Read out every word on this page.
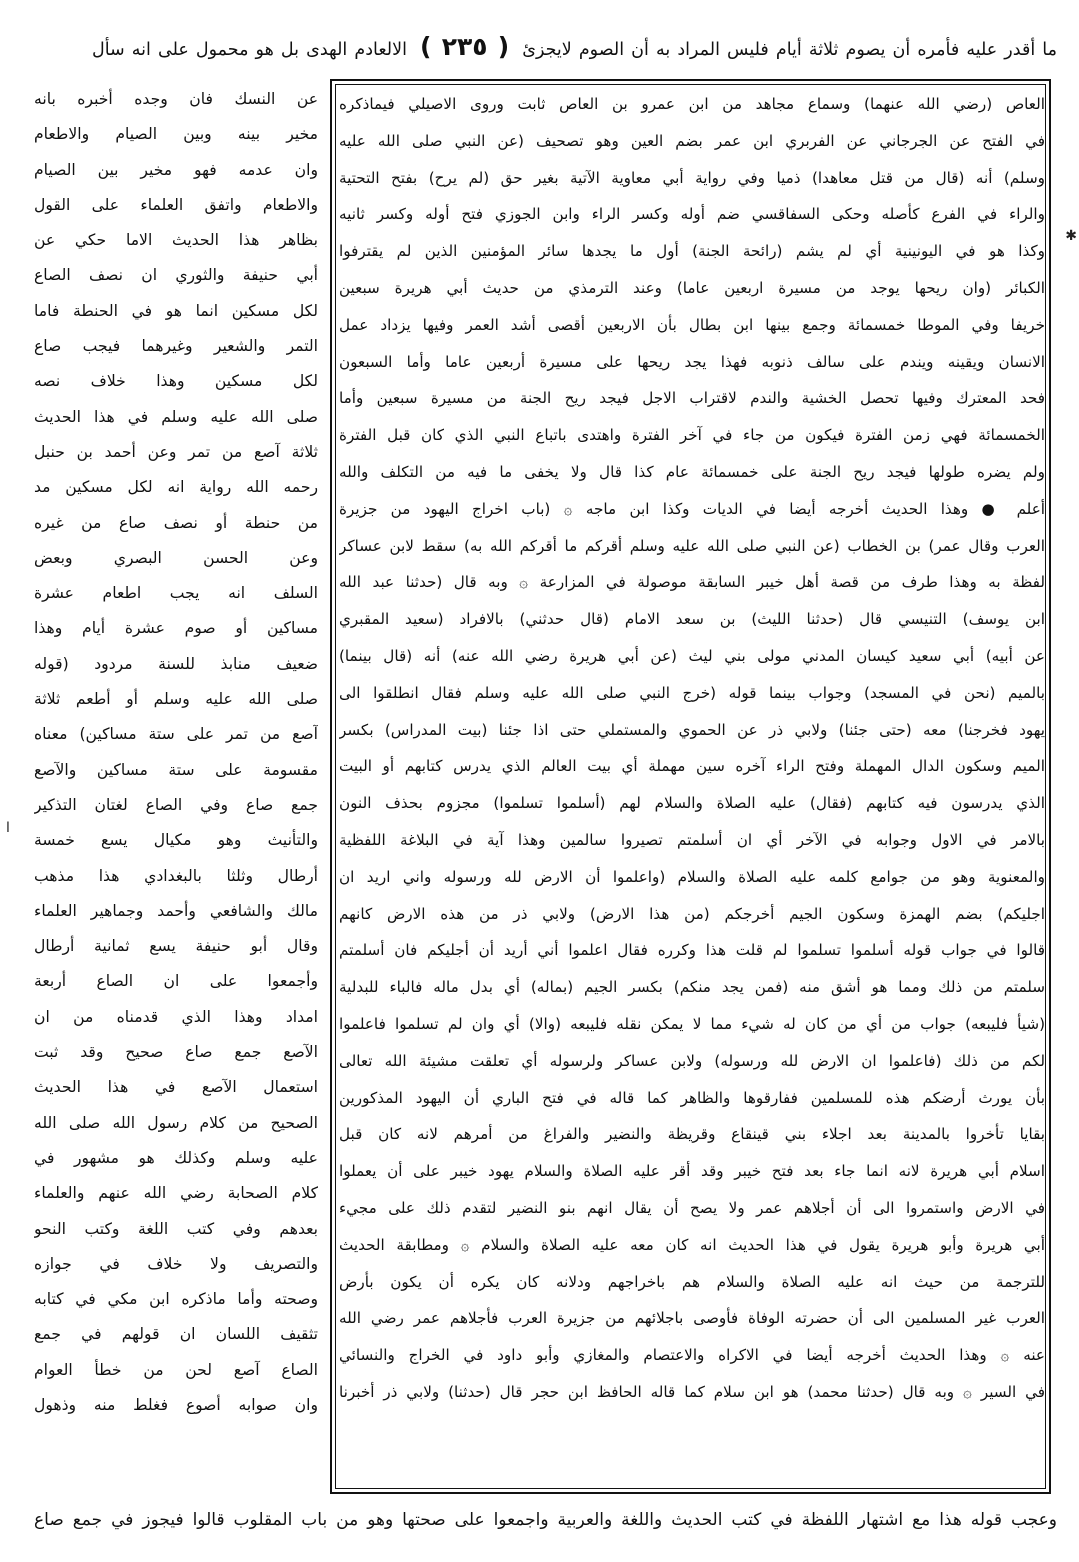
ما أقدر عليه فأمره أن يصوم ثلاثة أيام فليس المراد به أن الصوم لايجزئ ( ٢٣٥ ) الالعادم الهدى بل هو محمول على انه سأل
العاص (رضي الله عنهما) وسماع مجاهد من ابن عمرو بن العاص ثابت وروى الاصيلي فيماذكره
في الفتح عن الجرجاني عن الفربري ابن عمر بضم العين وهو تصحيف (عن النبي صلى الله عليه
وسلم) أنه (قال من قتل معاهدا) ذميا وفي رواية أبي معاوية الآتية بغير حق (لم يرح) بفتح التحتية
والراء في الفرع كأصله وحكى السفاقسي ضم أوله وكسر الراء وابن الجوزي فتح أوله وكسر ثانيه
وكذا هو في اليونينية أي لم يشم (رائحة الجنة) أول ما يجدها سائر المؤمنين الذين لم يقترفوا
الكبائر (وان ريحها يوجد من مسيرة اربعين عاما) وعند الترمذي من حديث أبي هريرة سبعين
خريفا وفي الموطا خمسمائة وجمع بينها ابن بطال بأن الاربعين أقصى أشد العمر وفيها يزداد عمل
الانسان ويقينه ويندم على سالف ذنوبه فهذا يجد ريحها على مسيرة أربعين عاما وأما السبعون
فحد المعترك وفيها تحصل الخشية والندم لاقتراب الاجل فيجد ريح الجنة من مسيرة سبعين وأما
الخمسمائة فهي زمن الفترة فيكون من جاء في آخر الفترة واهتدى باتباع النبي الذي كان قبل الفترة
ولم يضره طولها فيجد ريح الجنة على خمسمائة عام كذا قال ولا يخفى ما فيه من التكلف والله
أعلم ● وهذا الحديث أخرجه أيضا في الديات وكذا ابن ماجه ۞ (باب اخراج اليهود من جزيرة
العرب وقال عمر) بن الخطاب (عن النبي صلى الله عليه وسلم أقركم ما أقركم الله به) سقط لابن عساكر
لفظة به وهذا طرف من قصة أهل خيبر السابقة موصولة في المزارعة ۞ وبه قال (حدثنا عبد الله
ابن يوسف) التنيسي قال (حدثنا الليث) بن سعد الامام (قال حدثني) بالافراد (سعيد المقبري
عن أبيه) أبي سعيد كيسان المدني مولى بني ليث (عن أبي هريرة رضي الله عنه) أنه (قال بينما)
بالميم (نحن في المسجد) وجواب بينما قوله (خرج النبي صلى الله عليه وسلم فقال انطلقوا الى
يهود فخرجنا) معه (حتى جئنا) ولابي ذر عن الحموي والمستملي حتى اذا جئنا (بيت المدراس) بكسر
الميم وسكون الدال المهملة وفتح الراء آخره سين مهملة أي بيت العالم الذي يدرس كتابهم أو البيت
الذي يدرسون فيه كتابهم (فقال) عليه الصلاة والسلام لهم (أسلموا تسلموا) مجزوم بحذف النون
بالامر في الاول وجوابه في الآخر أي ان أسلمتم تصيروا سالمين وهذا آية في البلاغة اللفظية
والمعنوية وهو من جوامع كلمه عليه الصلاة والسلام (واعلموا أن الارض لله ورسوله واني اريد ان
اجليكم) بضم الهمزة وسكون الجيم أخرجكم (من هذا الارض) ولابي ذر من هذه الارض كانهم
قالوا في جواب قوله أسلموا تسلموا لم قلت هذا وكرره فقال اعلموا أني أريد أن أجليكم فان أسلمتم
سلمتم من ذلك ومما هو أشق منه (فمن يجد منكم) بكسر الجيم (بماله) أي بدل ماله فالباء للبدلية
(شيأ فليبعه) جواب من أي من كان له شيء مما لا يمكن نقله فليبعه (والا) أي وان لم تسلموا فاعلموا
لكم من ذلك (فاعلموا ان الارض لله ورسوله) ولابن عساكر ولرسوله أي تعلقت مشيئة الله تعالى
بأن يورث أرضكم هذه للمسلمين ففارقوها والظاهر كما قاله في فتح الباري أن اليهود المذكورين
بقايا تأخروا بالمدينة بعد اجلاء بني قينقاع وقريظة والنضير والفراغ من أمرهم لانه كان قبل
اسلام أبي هريرة لانه انما جاء بعد فتح خيبر وقد أقر عليه الصلاة والسلام يهود خيبر على أن يعملوا
في الارض واستمروا الى أن أجلاهم عمر ولا يصح أن يقال انهم بنو النضير لتقدم ذلك على مجيء
أبي هريرة وأبو هريرة يقول في هذا الحديث انه كان معه عليه الصلاة والسلام ۞ ومطابقة الحديث
للترجمة من حيث انه عليه الصلاة والسلام هم باخراجهم ودلانه كان يكره أن يكون بأرض
العرب غير المسلمين الى أن حضرته الوفاة فأوصى باجلائهم من جزيرة العرب فأجلاهم عمر رضي الله
عنه ۞ وهذا الحديث أخرجه أيضا في الاكراه والاعتصام والمغازي وأبو داود في الخراج والنسائي
في السير ۞ وبه قال (حدثنا محمد) هو ابن سلام كما قاله الحافظ ابن حجر قال (حدثنا) ولابي ذر أخبرنا
عن النسك فان وجده أخبره بانه
مخير بينه وبين الصيام والاطعام
وان عدمه فهو مخير بين الصيام
والاطعام واتفق العلماء على القول
بظاهر هذا الحديث الاما حكي عن
أبي حنيفة والثوري ان نصف الصاع
لكل مسكين انما هو في الحنطة فاما
التمر والشعير وغيرهما فيجب صاع
لكل مسكين وهذا خلاف نصه
صلى الله عليه وسلم في هذا الحديث
ثلاثة آصع من تمر وعن أحمد بن حنبل
رحمه الله رواية انه لكل مسكين مد
من حنطة أو نصف صاع من غيره
وعن الحسن البصري وبعض
السلف انه يجب اطعام عشرة
مساكين أو صوم عشرة أيام وهذا
ضعيف منابذ للسنة مردود (قوله
صلى الله عليه وسلم أو أطعم ثلاثة
آصع من تمر على ستة مساكين) معناه
مقسومة على ستة مساكين والآصع
جمع صاع وفي الصاع لغتان التذكير
والتأنيث وهو مكيال يسع خمسة
أرطال وثلثا بالبغدادي هذا مذهب
مالك والشافعي وأحمد وجماهير العلماء
وقال أبو حنيفة يسع ثمانية أرطال
وأجمعوا على ان الصاع أربعة
امداد وهذا الذي قدمناه من ان
الآصع جمع صاع صحيح وقد ثبت
استعمال الآصع في هذا الحديث
الصحيح من كلام رسول الله صلى الله
عليه وسلم وكذلك هو مشهور في
كلام الصحابة رضي الله عنهم والعلماء
بعدهم وفي كتب اللغة وكتب النحو
والتصريف ولا خلاف في جوازه
وصحته وأما ماذكره ابن مكي في كتابه
تثقيف اللسان ان قولهم في جمع
الصاع آصع لحن من خطأ العوام
وان صوابه أصوع فغلط منه وذهول
وعجب قوله هذا مع اشتهار اللفظة في كتب الحديث واللغة والعربية واجمعوا على صحتها وهو من باب المقلوب قالوا فيجوز في جمع صاع
✱
ا
